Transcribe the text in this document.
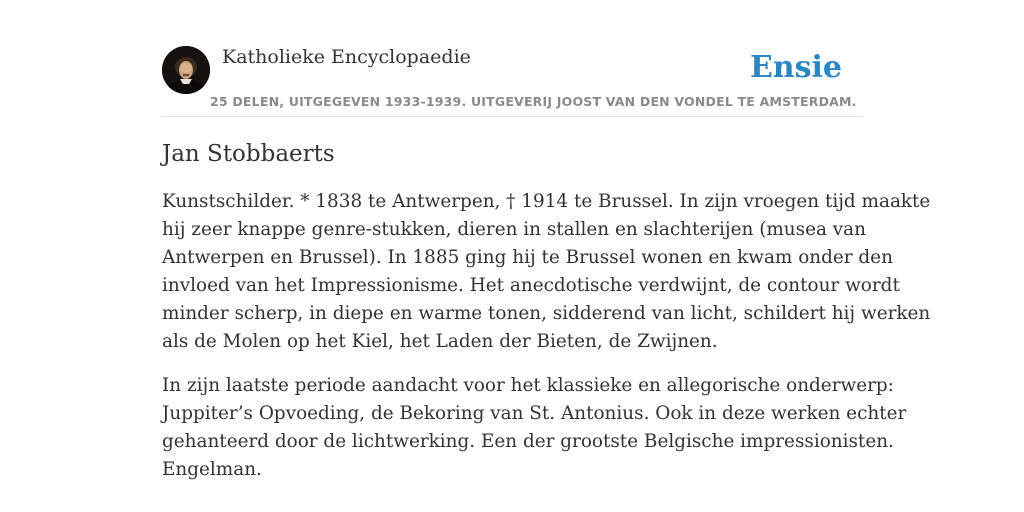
Katholieke Encyclopaedie
25 DELEN, UITGEGEVEN 1933-1939. UITGEVERIJ JOOST VAN DEN VONDEL TE AMSTERDAM.
Ensie
Jan Stobbaerts

Kunstschilder. * 1838 te Antwerpen, † 1914 te Brussel. In zijn vroegen tijd maakte
hij zeer knappe genre-stukken, dieren in stallen en slachterijen (musea van
Antwerpen en Brussel). In 1885 ging hij te Brussel wonen en kwam onder den
invloed van het Impressionisme. Het anecdotische verdwijnt, de contour wordt
minder scherp, in diepe en warme tonen, sidderend van licht, schildert hij werken
als de Molen op het Kiel, het Laden der Bieten, de Zwijnen.

In zijn laatste periode aandacht voor het klassieke en allegorische onderwerp:
Juppiter’s Opvoeding, de Bekoring van St. Antonius. Ook in deze werken echter
gehanteerd door de lichtwerking. Een der grootste Belgische impressionisten.
Engelman.
